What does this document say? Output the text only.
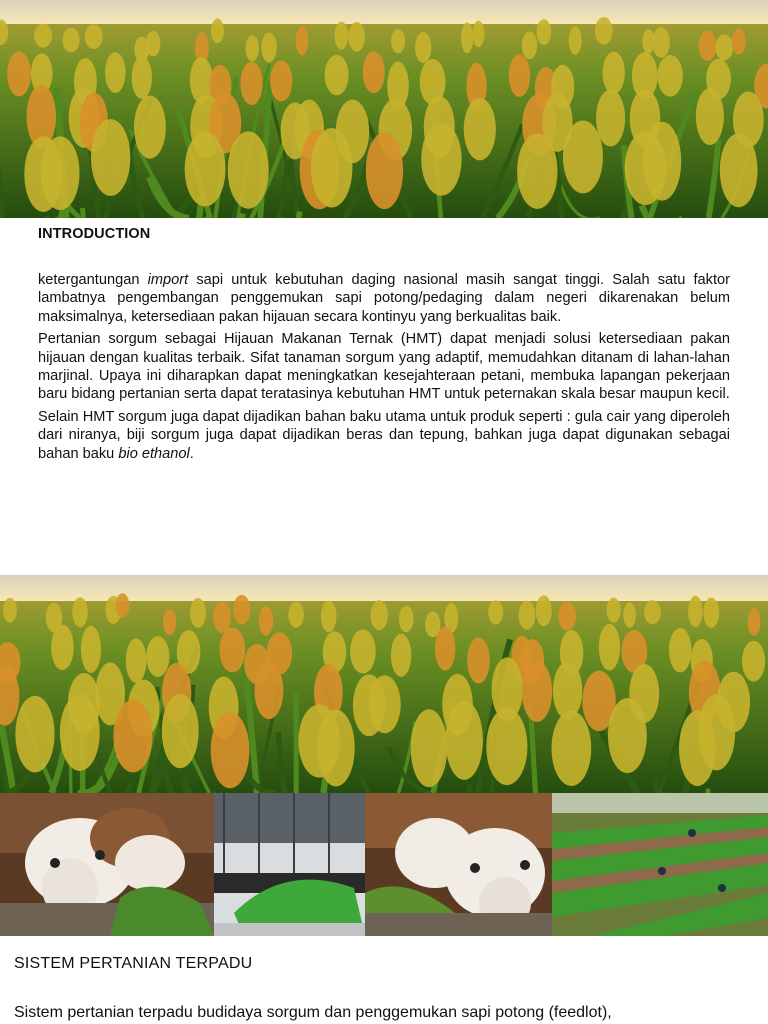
INTRODUCTION

ketergantungan import sapi untuk kebutuhan daging nasional masih sangat tinggi. Salah satu faktor lambatnya pengembangan penggemukan sapi potong/pedaging dalam negeri dikarenakan belum maksimalnya, ketersediaan pakan hijauan secara kontinyu yang berkualitas baik.

Pertanian sorgum sebagai Hijauan Makanan Ternak (HMT) dapat menjadi solusi ketersediaan pakan hijauan dengan kualitas terbaik. Sifat tanaman sorgum yang adaptif, memudahkan ditanam di lahan-lahan marjinal. Upaya ini diharapkan dapat meningkatkan kesejahteraan petani, membuka lapangan pekerjaan baru bidang pertanian serta dapat teratasinya kebutuhan HMT untuk peternakan skala besar maupun kecil.

Selain HMT sorgum juga dapat dijadikan bahan baku utama untuk produk seperti : gula cair yang diperoleh dari niranya, biji sorgum juga dapat dijadikan beras dan tepung, bahkan juga dapat digunakan sebagai bahan baku bio ethanol.

SISTEM PERTANIAN TERPADU
Sistem pertanian terpadu budidaya sorgum dan penggemukan sapi potong (feedlot),
